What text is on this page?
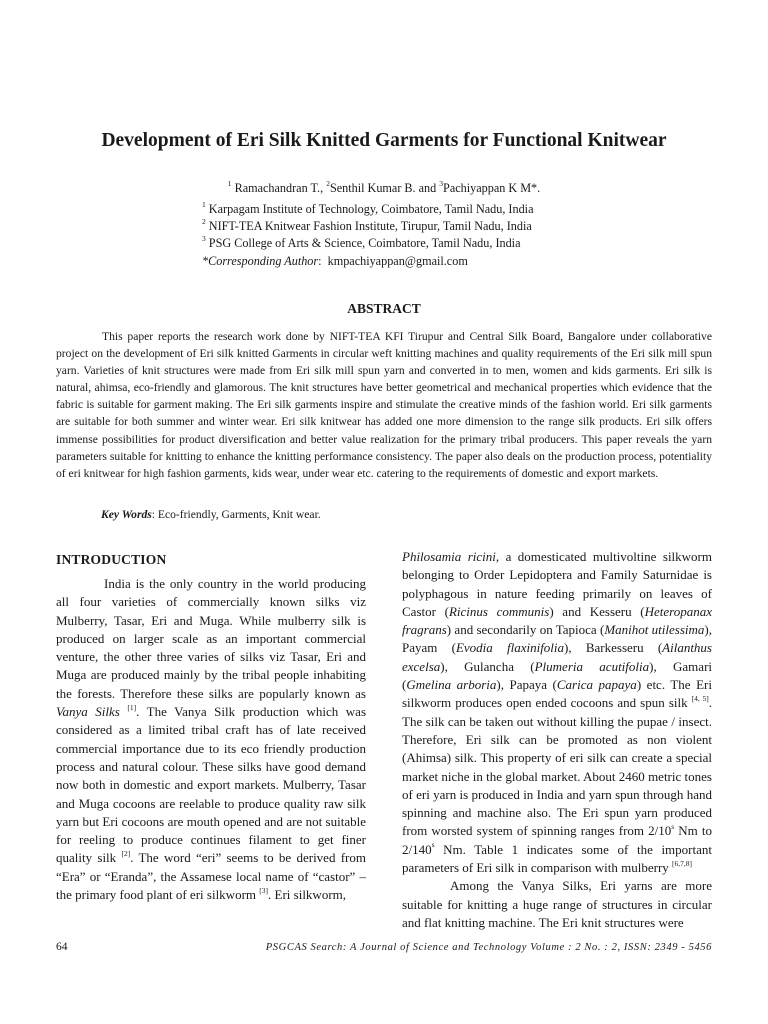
Development of Eri Silk Knitted Garments for Functional Knitwear
$^1$ Ramachandran T., $^2$Senthil Kumar B. and $^3$Pachiyappan K M*.
$^1$ Karpagam Institute of Technology, Coimbatore, Tamil Nadu, India
$^2$ NIFT-TEA Knitwear Fashion Institute, Tirupur, Tamil Nadu, India
$^3$ PSG College of Arts & Science, Coimbatore, Tamil Nadu, India
*Corresponding Author:  kmpachiyappan@gmail.com
ABSTRACT

This paper reports the research work done by NIFT-TEA KFI Tirupur and Central Silk Board, Bangalore under collaborative project on the development of Eri silk knitted Garments in circular weft knitting machines and quality requirements of the Eri silk mill spun yarn. Varieties of knit structures were made from Eri silk mill spun yarn and converted in to men, women and kids garments. Eri silk is natural, ahimsa, eco-friendly and glamorous. The knit structures have better geometrical and mechanical properties which evidence that the fabric is suitable for garment making. The Eri silk garments inspire and stimulate the creative minds of the fashion world. Eri silk garments are suitable for both summer and winter wear. Eri silk knitwear has added one more dimension to the range silk products. Eri silk offers immense possibilities for product diversification and better value realization for the primary tribal producers. This paper reveals the yarn parameters suitable for knitting to enhance the knitting performance consistency. The paper also deals on the production process, potentiality of eri knitwear for high fashion garments, kids wear, under wear etc. catering to the requirements of domestic and export markets.

Key Words: Eco-friendly, Garments, Knit wear.
INTRODUCTION

India is the only country in the world producing all four varieties of commercially known silks viz Mulberry, Tasar, Eri and Muga. While mulberry silk is produced on larger scale as an important commercial venture, the other three varies of silks viz Tasar, Eri and Muga are produced mainly by the tribal people inhabiting the forests. Therefore these silks are popularly known as Vanya Silks [1]. The Vanya Silk production which was considered as a limited tribal craft has of late received commercial importance due to its eco friendly production process and natural colour. These silks have good demand now both in domestic and export markets. Mulberry, Tasar and Muga cocoons are reelable to produce quality raw silk yarn but Eri cocoons are mouth opened and are not suitable for reeling to produce continues filament to get finer quality silk [2]. The word “eri” seems to be derived from “Era” or “Eranda”, the Assamese local name of “castor” – the primary food plant of eri silkworm [3]. Eri silkworm,

Philosamia ricini, a domesticated multivoltine silkworm belonging to Order Lepidoptera and Family Saturnidae is polyphagous in nature feeding primarily on leaves of Castor (Ricinus communis) and Kesseru (Heteropanax fragrans) and secondarily on Tapioca (Manihot utilessima), Payam (Evodia flaxinifolia), Barkesseru (Ailanthus excelsa), Gulancha (Plumeria acutifolia), Gamari (Gmelina arboria), Papaya (Carica papaya) etc. The Eri silkworm produces open ended cocoons and spun silk [4, 5]. The silk can be taken out without killing the pupae / insect. Therefore, Eri silk can be promoted as non violent (Ahimsa) silk. This property of eri silk can create a special market niche in the global market. About 2460 metric tones of eri yarn is produced in India and yarn spun through hand spinning and machine also. The Eri spun yarn produced from worsted system of spinning ranges from 2/10$^s$ Nm to 2/140$^s$ Nm. Table 1 indicates some of the important parameters of Eri silk in comparison with mulberry [6,7,8]

Among the Vanya Silks, Eri yarns are more suitable for knitting a huge range of structures in circular and flat knitting machine. The Eri knit structures were

64	PSGCAS Search: A Journal of Science and Technology Volume : 2 No. : 2, ISSN: 2349 - 5456
